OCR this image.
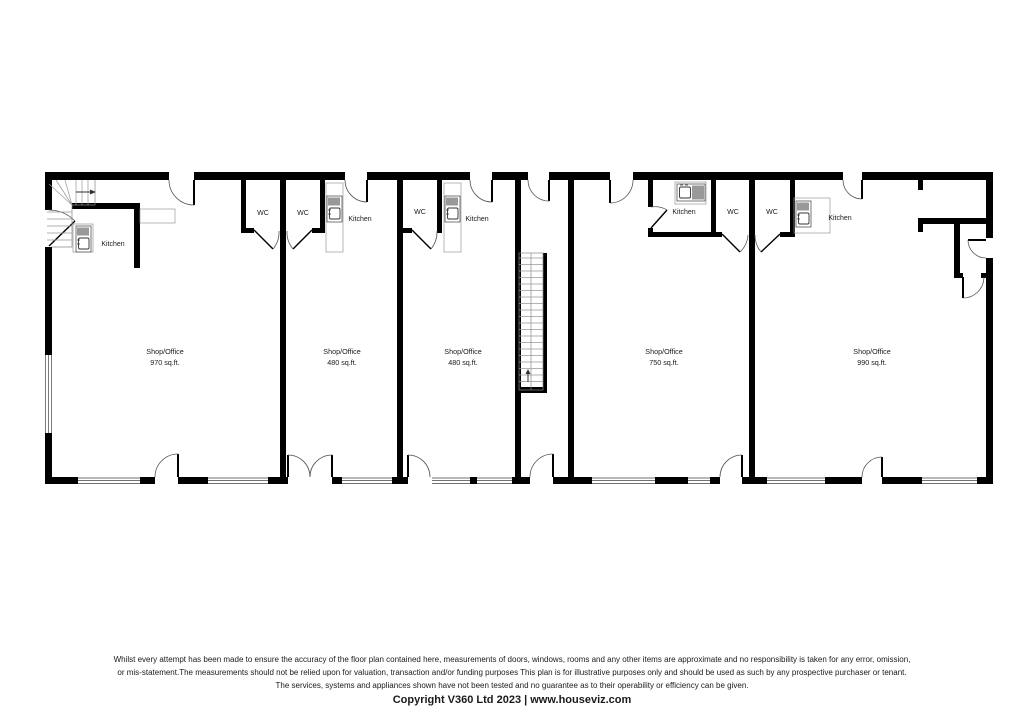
Shop/Office
970 sq.ft.
Shop/Office
480 sq.ft.
Shop/Office
480 sq.ft.
Shop/Office
750 sq.ft.
Shop/Office
990 sq.ft.
WC	WC	WC	WC	WC
Kitchen
Kitchen	Kitchen
Kitchen
Kitchen
Whilst every attempt has been made to ensure the accuracy of the floor plan contained here, measurements of doors, windows, rooms and any other items are approximate and no responsibility is taken for any error, omission,
or mis-statement.The measurements should not be relied upon for valuation, transaction and/or funding purposes This plan is for illustrative purposes only and should be used as such by any prospective purchaser or tenant.
The services, systems and appliances shown have not been tested and no guarantee as to their operability or efficiency can be given.
Copyright V360 Ltd 2023 | www.houseviz.com
